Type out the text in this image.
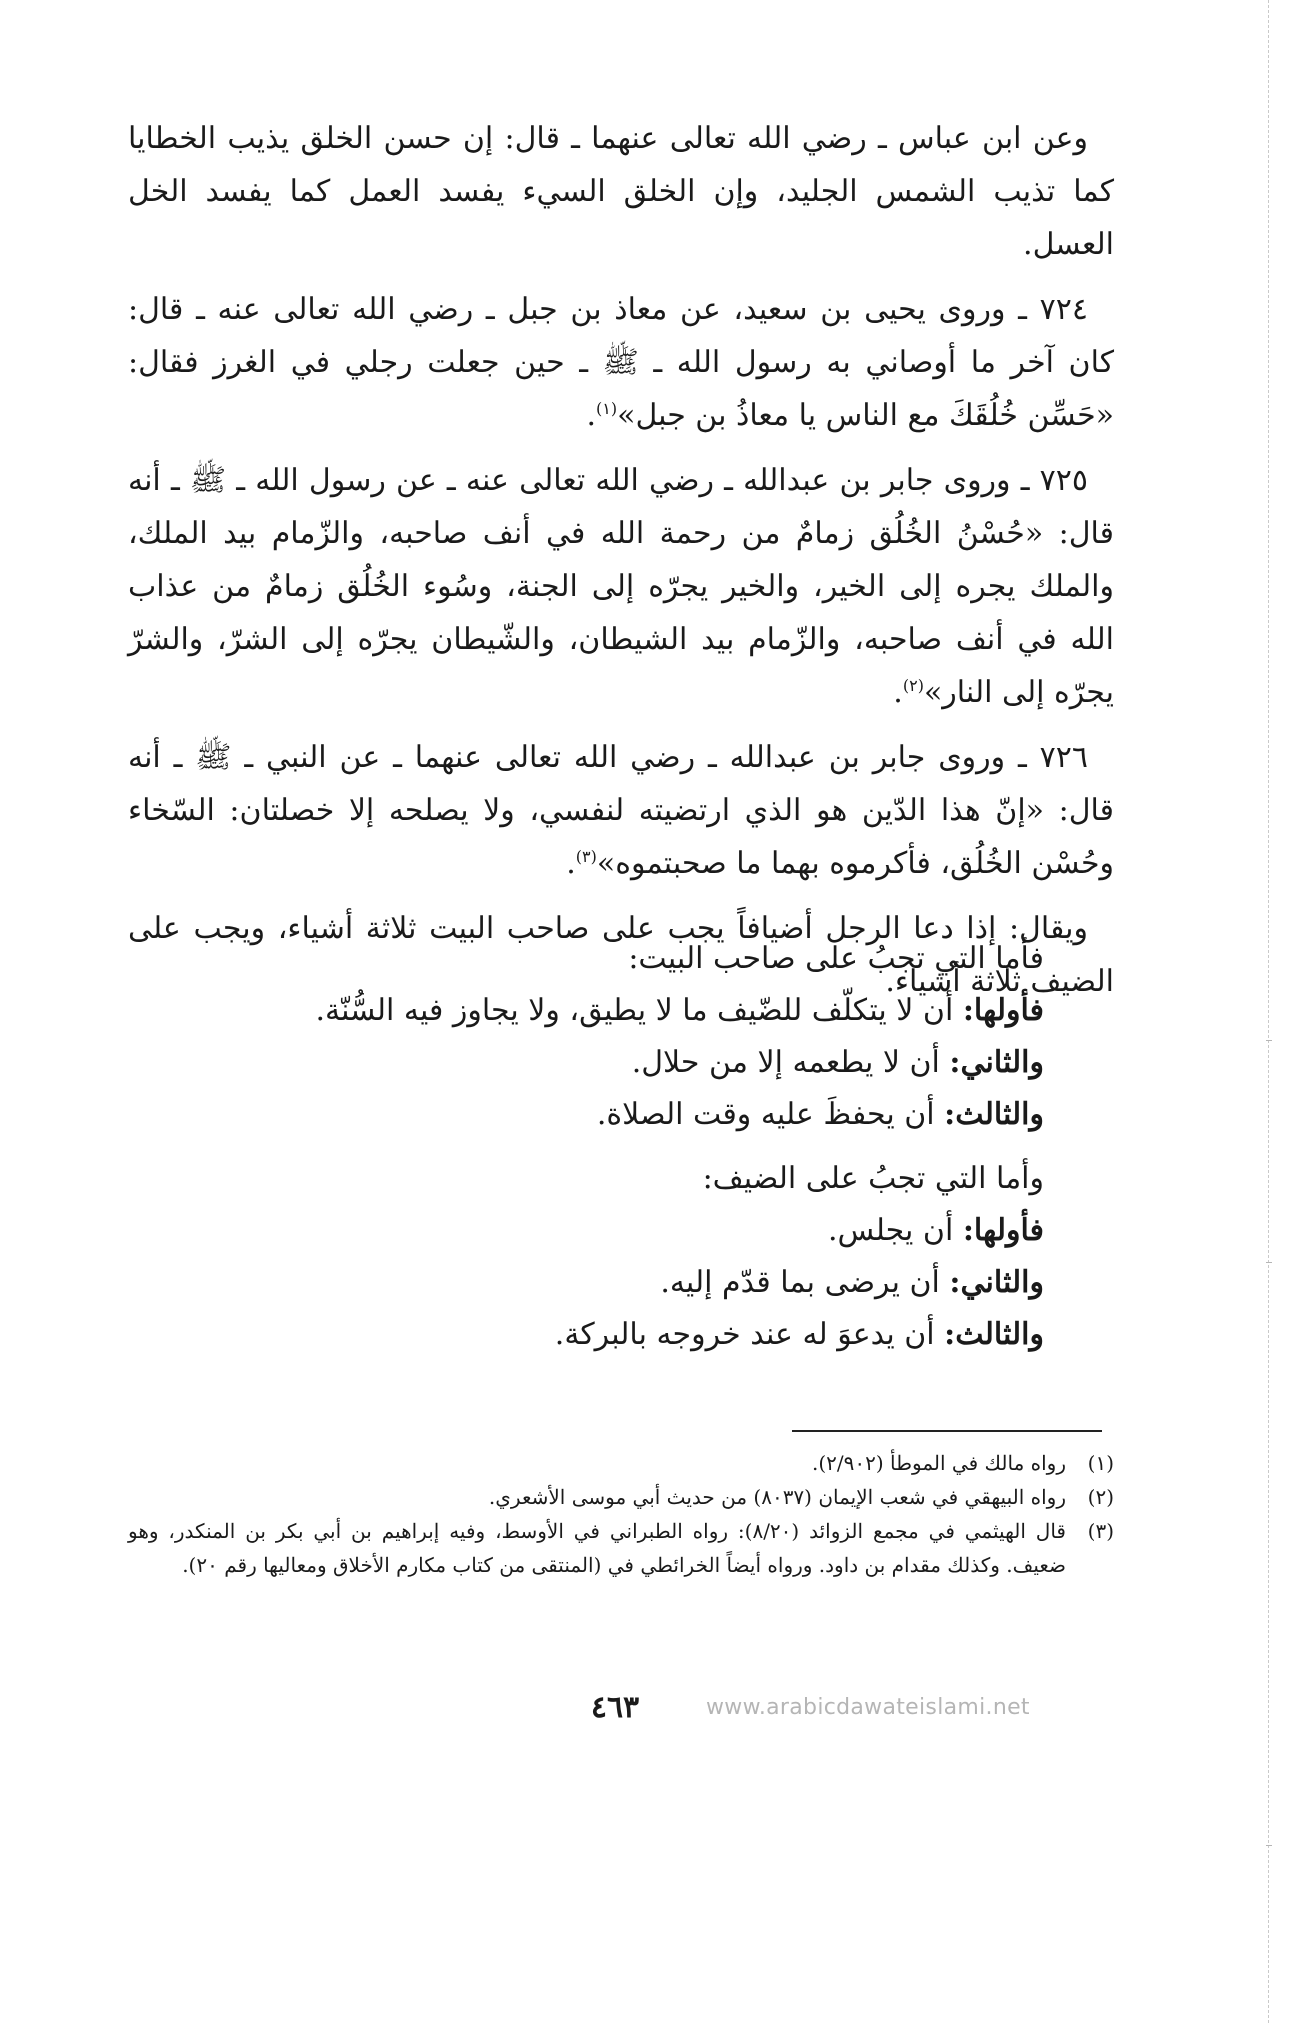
وعن ابن عباس ـ رضي الله تعالى عنهما ـ قال: إن حسن الخلق يذيب الخطايا كما تذيب الشمس الجليد، وإن الخلق السيء يفسد العمل كما يفسد الخل العسل.

٧٢٤ ـ وروى يحيى بن سعيد، عن معاذ بن جبل ـ رضي الله تعالى عنه ـ قال: كان آخر ما أوصاني به رسول الله ـ ﷺ ـ حين جعلت رجلي في الغرز فقال: «حَسِّن خُلُقَكَ مع الناس يا معاذُ بن جبل»$^{(١)}$.

٧٢٥ ـ وروى جابر بن عبدالله ـ رضي الله تعالى عنه ـ عن رسول الله ـ ﷺ ـ أنه قال: «حُسْنُ الخُلُق زمامٌ من رحمة الله في أنف صاحبه، والزّمام بيد الملك، والملك يجره إلى الخير، والخير يجرّه إلى الجنة، وسُوء الخُلُق زمامٌ من عذاب الله في أنف صاحبه، والزّمام بيد الشيطان، والشّيطان يجرّه إلى الشرّ، والشرّ يجرّه إلى النار»$^{(٢)}$.

٧٢٦ ـ وروى جابر بن عبدالله ـ رضي الله تعالى عنهما ـ عن النبي ـ ﷺ ـ أنه قال: «إنّ هذا الدّين هو الذي ارتضيته لنفسي، ولا يصلحه إلا خصلتان: السّخاء وحُسْن الخُلُق، فأكرموه بهما ما صحبتموه»$^{(٣)}$.

ويقال: إذا دعا الرجل أضيافاً يجب على صاحب البيت ثلاثة أشياء، ويجب على الضيف ثلاثة أشياء.

فأما التي تجبُ على صاحب البيت:

فأولها: أن لا يتكلّف للضّيف ما لا يطيق، ولا يجاوز فيه السُّنّة.

والثاني: أن لا يطعمه إلا من حلال.

والثالث: أن يحفظَ عليه وقت الصلاة.

وأما التي تجبُ على الضيف:

فأولها: أن يجلس.

والثاني: أن يرضى بما قدّم إليه.

والثالث: أن يدعوَ له عند خروجه بالبركة.

(١)
رواه مالك في الموطأ (٢/٩٠٢).

(٢)
رواه البيهقي في شعب الإيمان (٨٠٣٧) من حديث أبي موسى الأشعري.

(٣)
قال الهيثمي في مجمع الزوائد (٨/٢٠): رواه الطبراني في الأوسط، وفيه إبراهيم بن أبي بكر بن المنكدر، وهو ضعيف. وكذلك مقدام بن داود. ورواه أيضاً الخرائطي في (المنتقى من كتاب مكارم الأخلاق ومعاليها رقم ٢٠).

٤٦٣	www.arabicdawateislami.net
